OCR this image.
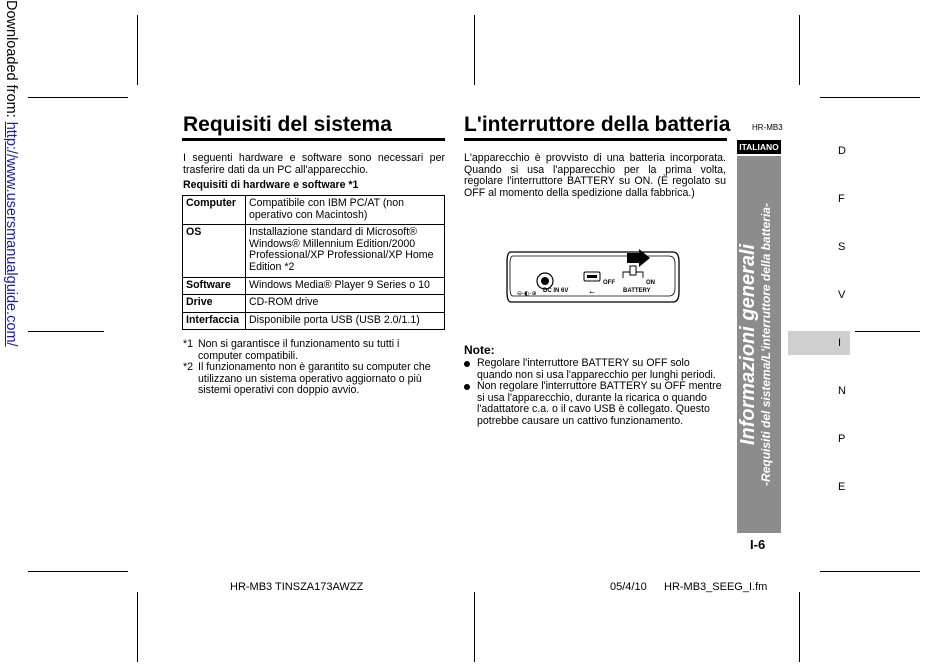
Downloaded from: http://www.usersmanualguide.com/	Requisiti del sistema
I seguenti hardware e software sono necessari per trasferire dati da un PC all'apparecchio.
Requisiti di hardware e software *1
Computer	Compatibile con IBM PC/AT (non operativo con Macintosh)
OS	Installazione standard di Microsoft® Windows® Millennium Edition/2000 Professional/XP Professional/XP Home Edition *2
Software	Windows Media® Player 9 Series o 10
Drive	CD-ROM drive
Interfaccia	Disponibile porta USB (USB 2.0/1.1)
*1 Non si garantisce il funzionamento su tutti i computer compatibili.
*2 Il funzionamento non è garantito su computer che utilizzano un sistema operativo aggiornato o più sistemi operativi con doppio avvio.
HR-MB3
L'interruttore della batteria
L'apparecchio è provvisto di una batteria incorporata. Quando si usa l'apparecchio per la prima volta, regolare l'interruttore BATTERY su ON. (È regolato su OFF al momento della spedizione dalla fabbrica.)
⊖-◐-⊕	⭠
DC IN 6V
OFF	ON
BATTERY
Note:
Regolare l'interruttore BATTERY su OFF solo quando non si usa l'apparecchio per lunghi periodi.
Non regolare l'interruttore BATTERY su OFF mentre si usa l'apparecchio, durante la ricarica o quando l'adattatore c.a. o il cavo USB è collegato. Questo potrebbe causare un cattivo funzionamento.
ITALIANO
Informazioni generali -Requisiti del sistema/L'interruttore della batteria-
I-6
D
F
S
V
I
N
P
E
HR-MB3 TINSZA173AWZZ	05/4/10 HR-MB3_SEEG_I.fm
